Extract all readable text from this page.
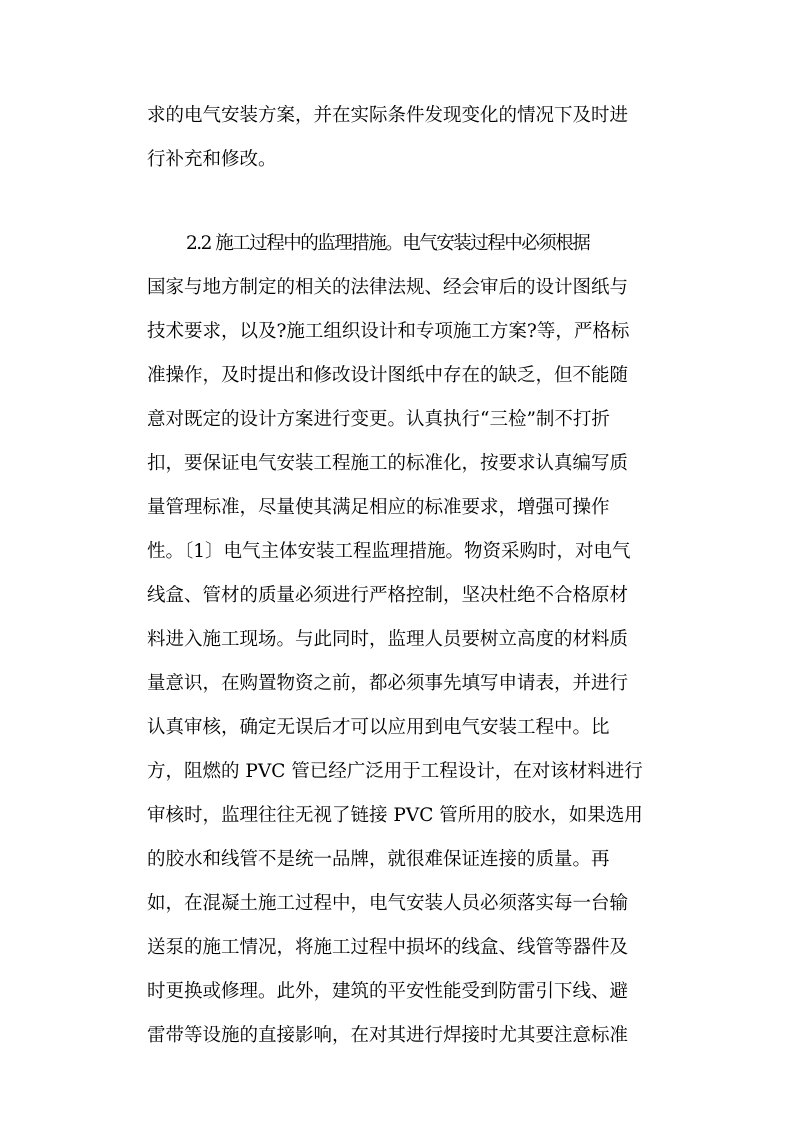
求的电气安装方案，并在实际条件发现变化的情况下及时进
行补充和修改。
2.2 施工过程中的监理措施。电气安装过程中必须根据
国家与地方制定的相关的法律法规、经会审后的设计图纸与
技术要求，以及?施工组织设计和专项施工方案?等，严格标
准操作，及时提出和修改设计图纸中存在的缺乏，但不能随
意对既定的设计方案进行变更。认真执行“三检”制不打折
扣，要保证电气安装工程施工的标准化，按要求认真编写质
量管理标准，尽量使其满足相应的标准要求，增强可操作
性。〔1〕电气主体安装工程监理措施。物资采购时，对电气
线盒、管材的质量必须进行严格控制，坚决杜绝不合格原材
料进入施工现场。与此同时，监理人员要树立高度的材料质
量意识，在购置物资之前，都必须事先填写申请表，并进行
认真审核，确定无误后才可以应用到电气安装工程中。比
方，阻燃的 PVC 管已经广泛用于工程设计，在对该材料进行
审核时，监理往往无视了链接 PVC 管所用的胶水，如果选用
的胶水和线管不是统一品牌，就很难保证连接的质量。再
如，在混凝土施工过程中，电气安装人员必须落实每一台输
送泵的施工情况，将施工过程中损坏的线盒、线管等器件及
时更换或修理。此外，建筑的平安性能受到防雷引下线、避
雷带等设施的直接影响，在对其进行焊接时尤其要注意标准
